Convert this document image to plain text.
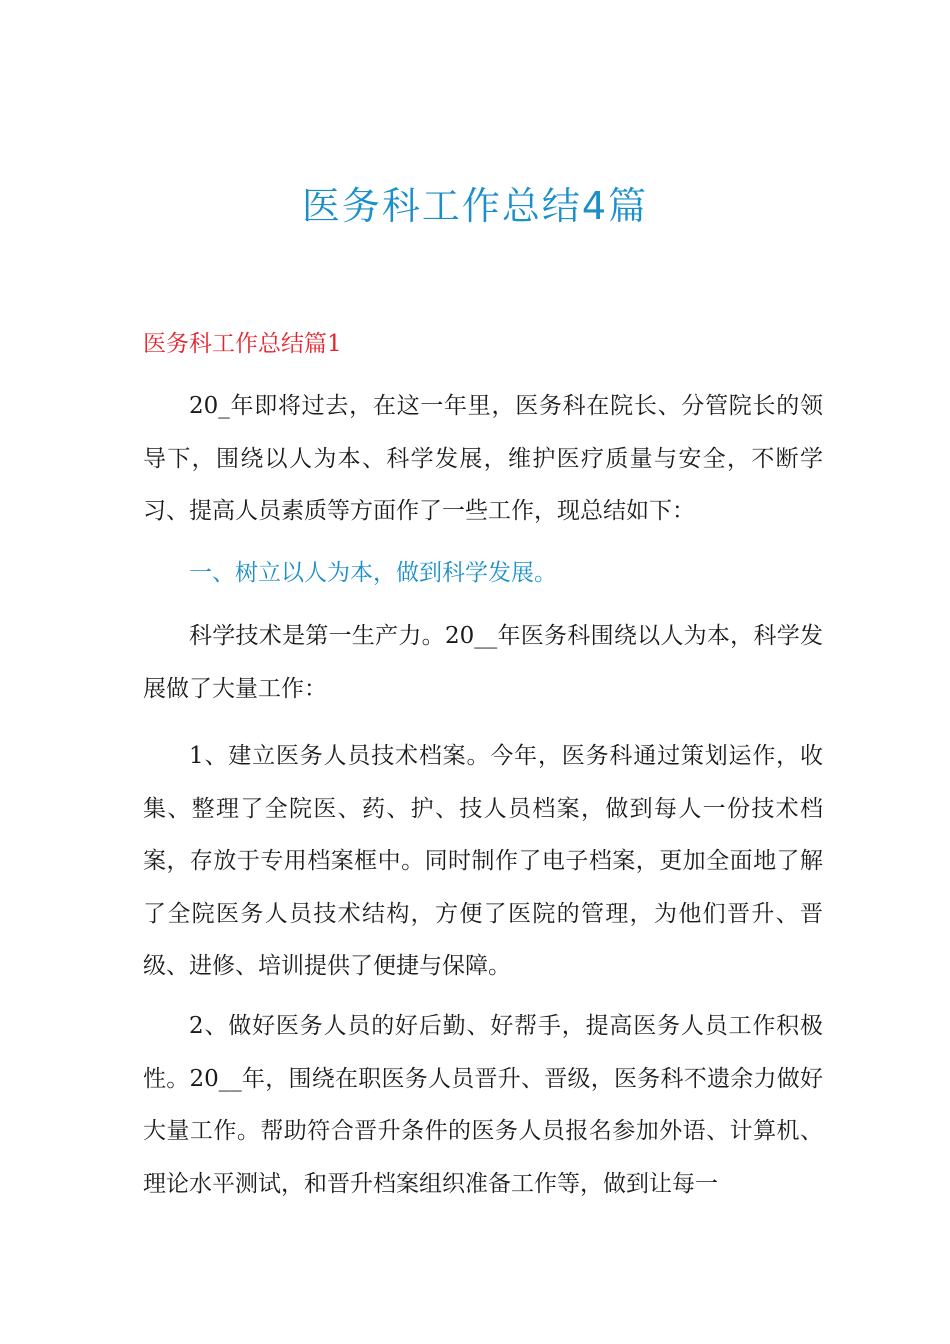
医务科工作总结4篇
医务科工作总结篇1

20_年即将过去，在这一年里，医务科在院长、分管院长的领导下，围绕以人为本、科学发展，维护医疗质量与安全，不断学习、提高人员素质等方面作了一些工作，现总结如下：

一、树立以人为本，做到科学发展。

科学技术是第一生产力。20__年医务科围绕以人为本，科学发展做了大量工作：

1、建立医务人员技术档案。今年，医务科通过策划运作，收集、整理了全院医、药、护、技人员档案，做到每人一份技术档案，存放于专用档案框中。同时制作了电子档案，更加全面地了解了全院医务人员技术结构，方便了医院的管理，为他们晋升、晋级、进修、培训提供了便捷与保障。

2、做好医务人员的好后勤、好帮手，提高医务人员工作积极性。20__年，围绕在职医务人员晋升、晋级，医务科不遗余力做好大量工作。帮助符合晋升条件的医务人员报名参加外语、计算机、理论水平测试，和晋升档案组织准备工作等，做到让每一
